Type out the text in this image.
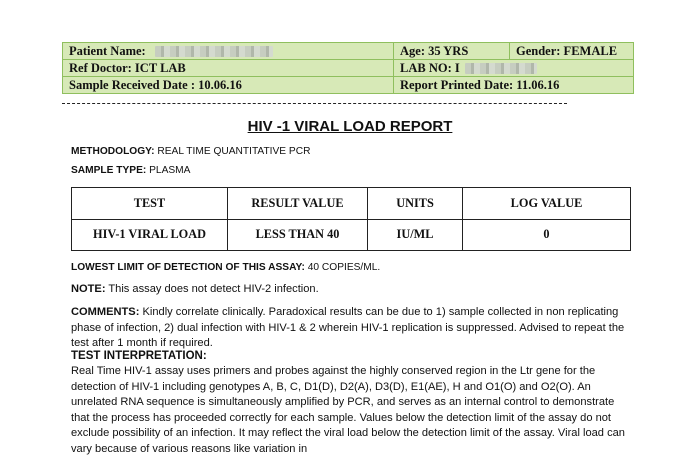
Patient Name:	Age: 35 YRS	Gender: FEMALE
Ref Doctor: ICT LAB	LAB NO: I	
Sample Received Date : 10.06.16	Report Printed Date: 11.06.16	
HIV -1 VIRAL LOAD REPORT
METHODOLOGY: REAL TIME QUANTITATIVE PCR
SAMPLE TYPE: PLASMA
TEST	RESULT VALUE	UNITS	LOG VALUE
HIV-1 VIRAL LOAD	LESS THAN 40	IU/ML	0
LOWEST LIMIT OF DETECTION OF THIS ASSAY: 40 COPIES/ML.
NOTE: This assay does not detect HIV-2 infection.
COMMENTS: Kindly correlate clinically. Paradoxical results can be due to 1) sample collected in non replicating phase of infection, 2) dual infection with HIV-1 & 2 wherein HIV-1 replication is suppressed. Advised to repeat the test after 1 month if required.
TEST INTERPRETATION:
Real Time HIV-1 assay uses primers and probes against the highly conserved region in the Ltr gene for the detection of HIV-1 including genotypes A, B, C, D1(D), D2(A), D3(D), E1(AE), H and O1(O) and O2(O). An unrelated RNA sequence is simultaneously amplified by PCR, and serves as an internal control to demonstrate that the process has proceeded correctly for each sample. Values below the detection limit of the assay do not exclude possibility of an infection. It may reflect the viral load below the detection limit of the assay. Viral load can vary because of various reasons like variation in
